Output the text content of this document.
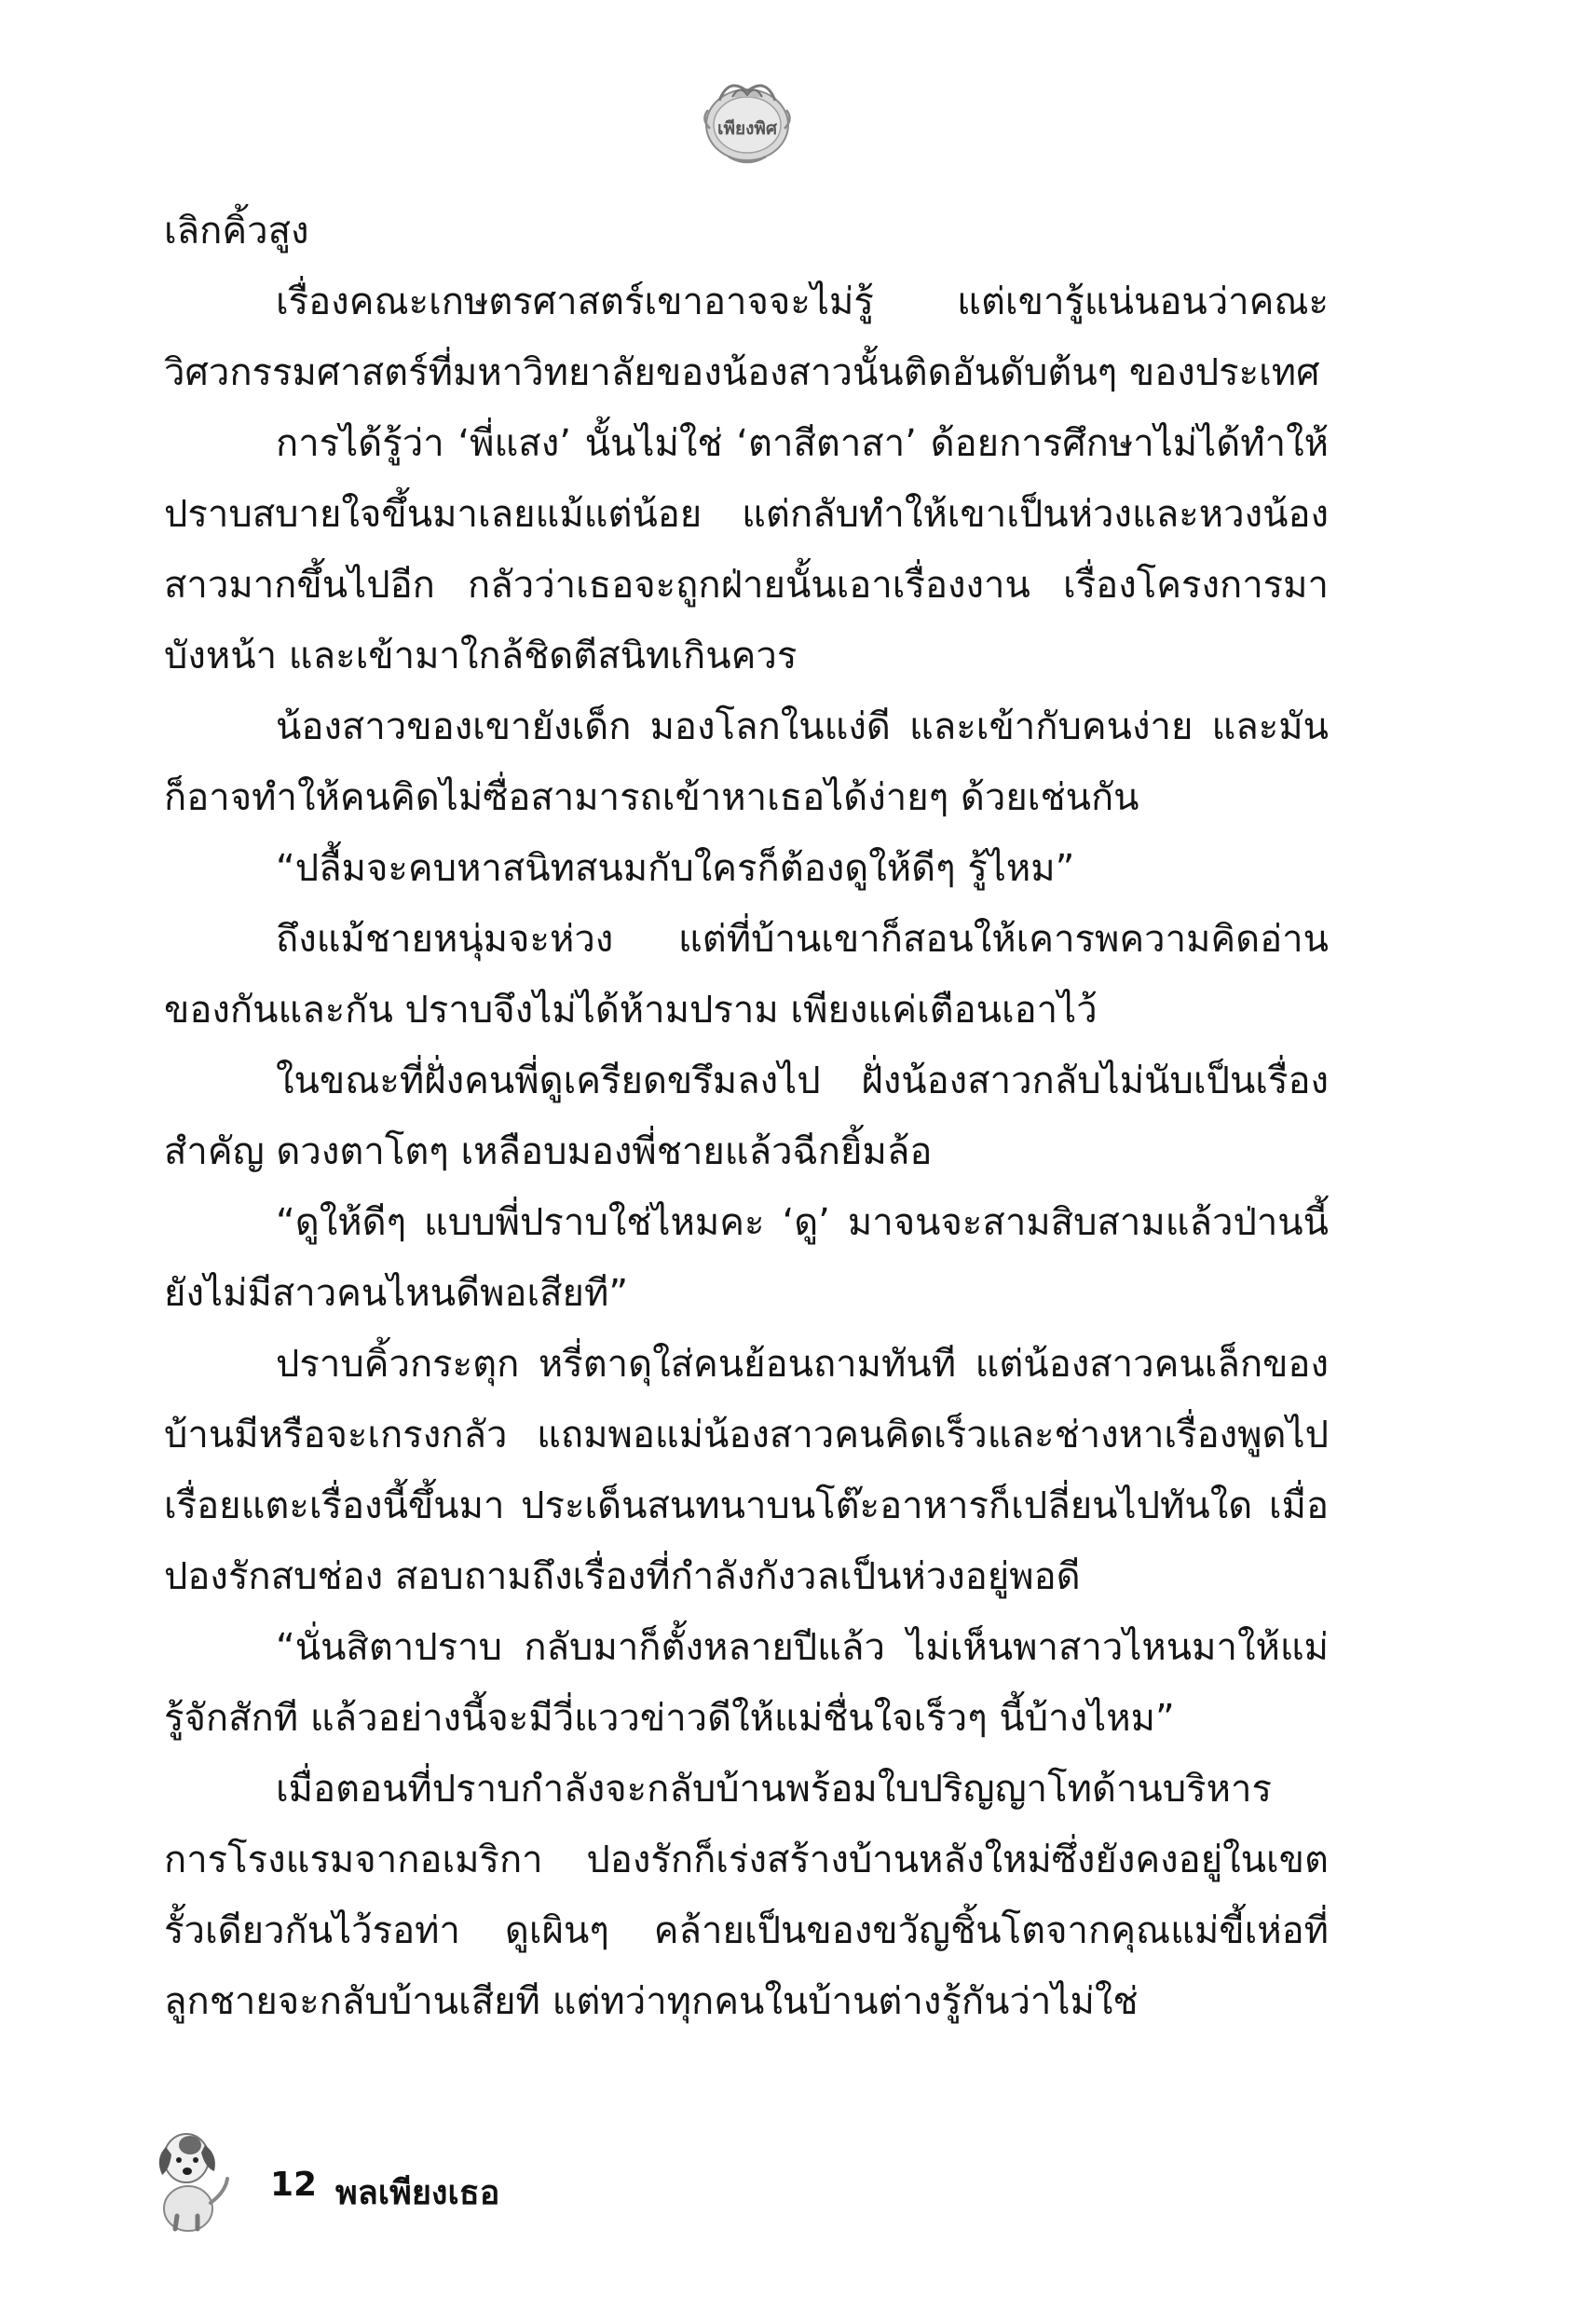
เพียงพิศ

เลิกคิ้วสูง

เรื่องคณะเกษตรศาสตร์เขาอาจจะไม่รู้ แต่เขารู้แน่นอนว่าคณะวิศวกรรมศาสตร์ที่มหาวิทยาลัยของน้องสาวนั้นติดอันดับต้นๆ ของประเทศ

การได้รู้ว่า ‘พี่แสง’ นั้นไม่ใช่ ‘ตาสีตาสา’ ด้อยการศึกษาไม่ได้ทำให้ปราบสบายใจขึ้นมาเลยแม้แต่น้อย แต่กลับทำให้เขาเป็นห่วงและหวงน้องสาวมากขึ้นไปอีก กลัวว่าเธอจะถูกฝ่ายนั้นเอาเรื่องงาน เรื่องโครงการมาบังหน้า และเข้ามาใกล้ชิดตีสนิทเกินควร

น้องสาวของเขายังเด็ก มองโลกในแง่ดี และเข้ากับคนง่าย และมันก็อาจทำให้คนคิดไม่ซื่อสามารถเข้าหาเธอได้ง่ายๆ ด้วยเช่นกัน

“ปลื้มจะคบหาสนิทสนมกับใครก็ต้องดูให้ดีๆ รู้ไหม”

ถึงแม้ชายหนุ่มจะห่วง แต่ที่บ้านเขาก็สอนให้เคารพความคิดอ่านของกันและกัน ปราบจึงไม่ได้ห้ามปราม เพียงแค่เตือนเอาไว้

ในขณะที่ฝั่งคนพี่ดูเครียดขรึมลงไป ฝั่งน้องสาวกลับไม่นับเป็นเรื่องสำคัญ ดวงตาโตๆ เหลือบมองพี่ชายแล้วฉีกยิ้มล้อ

“ดูให้ดีๆ แบบพี่ปราบใช่ไหมคะ ‘ดู’ มาจนจะสามสิบสามแล้วป่านนี้ยังไม่มีสาวคนไหนดีพอเสียที”

ปราบคิ้วกระตุก หรี่ตาดุใส่คนย้อนถามทันที แต่น้องสาวคนเล็กของบ้านมีหรือจะเกรงกลัว แถมพอแม่น้องสาวคนคิดเร็วและช่างหาเรื่องพูดไปเรื่อยแตะเรื่องนี้ขึ้นมา ประเด็นสนทนาบนโต๊ะอาหารก็เปลี่ยนไปทันใด เมื่อปองรักสบช่อง สอบถามถึงเรื่องที่กำลังกังวลเป็นห่วงอยู่พอดี

“นั่นสิตาปราบ กลับมาก็ตั้งหลายปีแล้ว ไม่เห็นพาสาวไหนมาให้แม่รู้จักสักที แล้วอย่างนี้จะมีวี่แววข่าวดีให้แม่ชื่นใจเร็วๆ นี้บ้างไหม”

เมื่อตอนที่ปราบกำลังจะกลับบ้านพร้อมใบปริญญาโทด้านบริหารการโรงแรมจากอเมริกา ปองรักก็เร่งสร้างบ้านหลังใหม่ซึ่งยังคงอยู่ในเขตรั้วเดียวกันไว้รอท่า ดูเผินๆ คล้ายเป็นของขวัญชิ้นโตจากคุณแม่ขี้เห่อที่ลูกชายจะกลับบ้านเสียที แต่ทว่าทุกคนในบ้านต่างรู้กันว่าไม่ใช่

12 พลเพียงเธอ
